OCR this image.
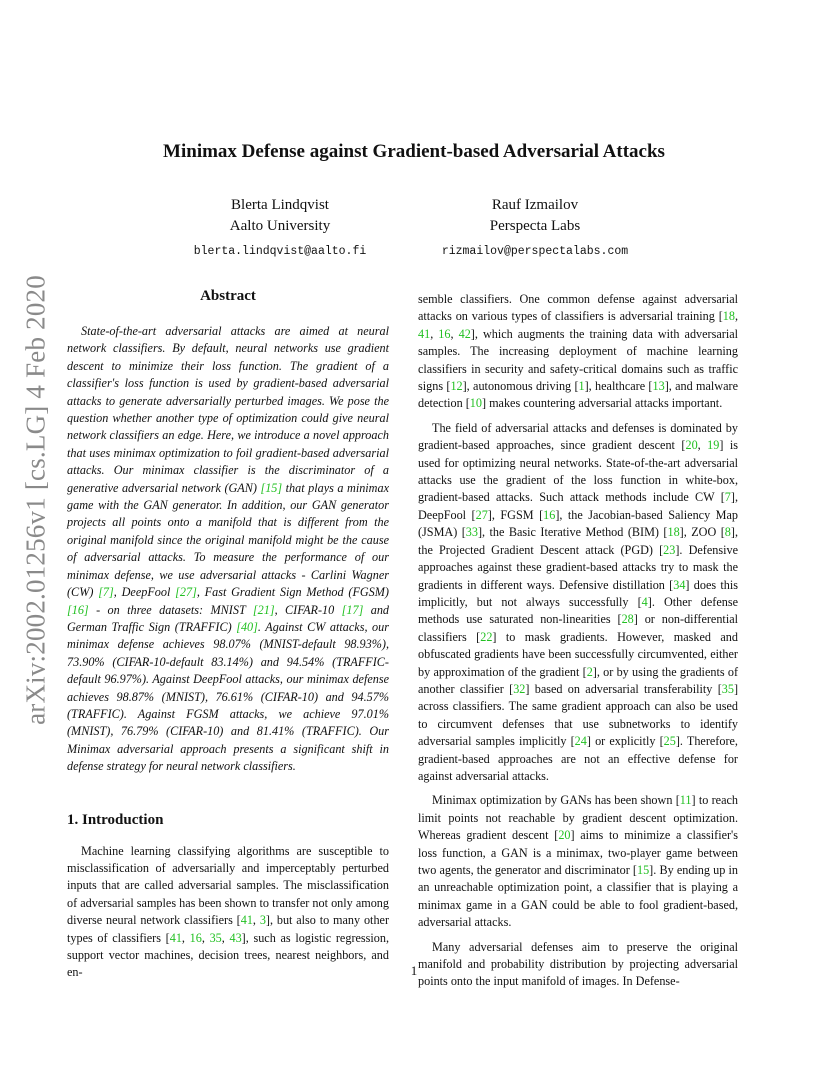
arXiv:2002.01256v1 [cs.LG] 4 Feb 2020
Minimax Defense against Gradient-based Adversarial Attacks
Blerta Lindqvist
Aalto University
blerta.lindqvist@aalto.fi
Rauf Izmailov
Perspecta Labs
rizmailov@perspectalabs.com
Abstract

State-of-the-art adversarial attacks are aimed at neural network classifiers. By default, neural networks use gradient descent to minimize their loss function. The gradient of a classifier's loss function is used by gradient-based adversarial attacks to generate adversarially perturbed images. We pose the question whether another type of optimization could give neural network classifiers an edge. Here, we introduce a novel approach that uses minimax optimization to foil gradient-based adversarial attacks. Our minimax classifier is the discriminator of a generative adversarial network (GAN) [15] that plays a minimax game with the GAN generator. In addition, our GAN generator projects all points onto a manifold that is different from the original manifold since the original manifold might be the cause of adversarial attacks. To measure the performance of our minimax defense, we use adversarial attacks - Carlini Wagner (CW) [7], DeepFool [27], Fast Gradient Sign Method (FGSM) [16] - on three datasets: MNIST [21], CIFAR-10 [17] and German Traffic Sign (TRAFFIC) [40]. Against CW attacks, our minimax defense achieves 98.07% (MNIST-default 98.93%), 73.90% (CIFAR-10-default 83.14%) and 94.54% (TRAFFIC-default 96.97%). Against DeepFool attacks, our minimax defense achieves 98.87% (MNIST), 76.61% (CIFAR-10) and 94.57% (TRAFFIC). Against FGSM attacks, we achieve 97.01% (MNIST), 76.79% (CIFAR-10) and 81.41% (TRAFFIC). Our Minimax adversarial approach presents a significant shift in defense strategy for neural network classifiers.

1. Introduction

Machine learning classifying algorithms are susceptible to misclassification of adversarially and imperceptably perturbed inputs that are called adversarial samples. The misclassification of adversarial samples has been shown to transfer not only among diverse neural network classifiers [41, 3], but also to many other types of classifiers [41, 16, 35, 43], such as logistic regression, support vector machines, decision trees, nearest neighbors, and en-

semble classifiers. One common defense against adversarial attacks on various types of classifiers is adversarial training [18, 41, 16, 42], which augments the training data with adversarial samples. The increasing deployment of machine learning classifiers in security and safety-critical domains such as traffic signs [12], autonomous driving [1], healthcare [13], and malware detection [10] makes countering adversarial attacks important.

The field of adversarial attacks and defenses is dominated by gradient-based approaches, since gradient descent [20, 19] is used for optimizing neural networks. State-of-the-art adversarial attacks use the gradient of the loss function in white-box, gradient-based attacks. Such attack methods include CW [7], DeepFool [27], FGSM [16], the Jacobian-based Saliency Map (JSMA) [33], the Basic Iterative Method (BIM) [18], ZOO [8], the Projected Gradient Descent attack (PGD) [23]. Defensive approaches against these gradient-based attacks try to mask the gradients in different ways. Defensive distillation [34] does this implicitly, but not always successfully [4]. Other defense methods use saturated non-linearities [28] or non-differential classifiers [22] to mask gradients. However, masked and obfuscated gradients have been successfully circumvented, either by approximation of the gradient [2], or by using the gradients of another classifier [32] based on adversarial transferability [35] across classifiers. The same gradient approach can also be used to circumvent defenses that use subnetworks to identify adversarial samples implicitly [24] or explicitly [25]. Therefore, gradient-based approaches are not an effective defense for against adversarial attacks.

Minimax optimization by GANs has been shown [11] to reach limit points not reachable by gradient descent optimization. Whereas gradient descent [20] aims to minimize a classifier's loss function, a GAN is a minimax, two-player game between two agents, the generator and discriminator [15]. By ending up in an unreachable optimization point, a classifier that is playing a minimax game in a GAN could be able to fool gradient-based, adversarial attacks.

Many adversarial defenses aim to preserve the original manifold and probability distribution by projecting adversarial points onto the input manifold of images. In Defense-

1
